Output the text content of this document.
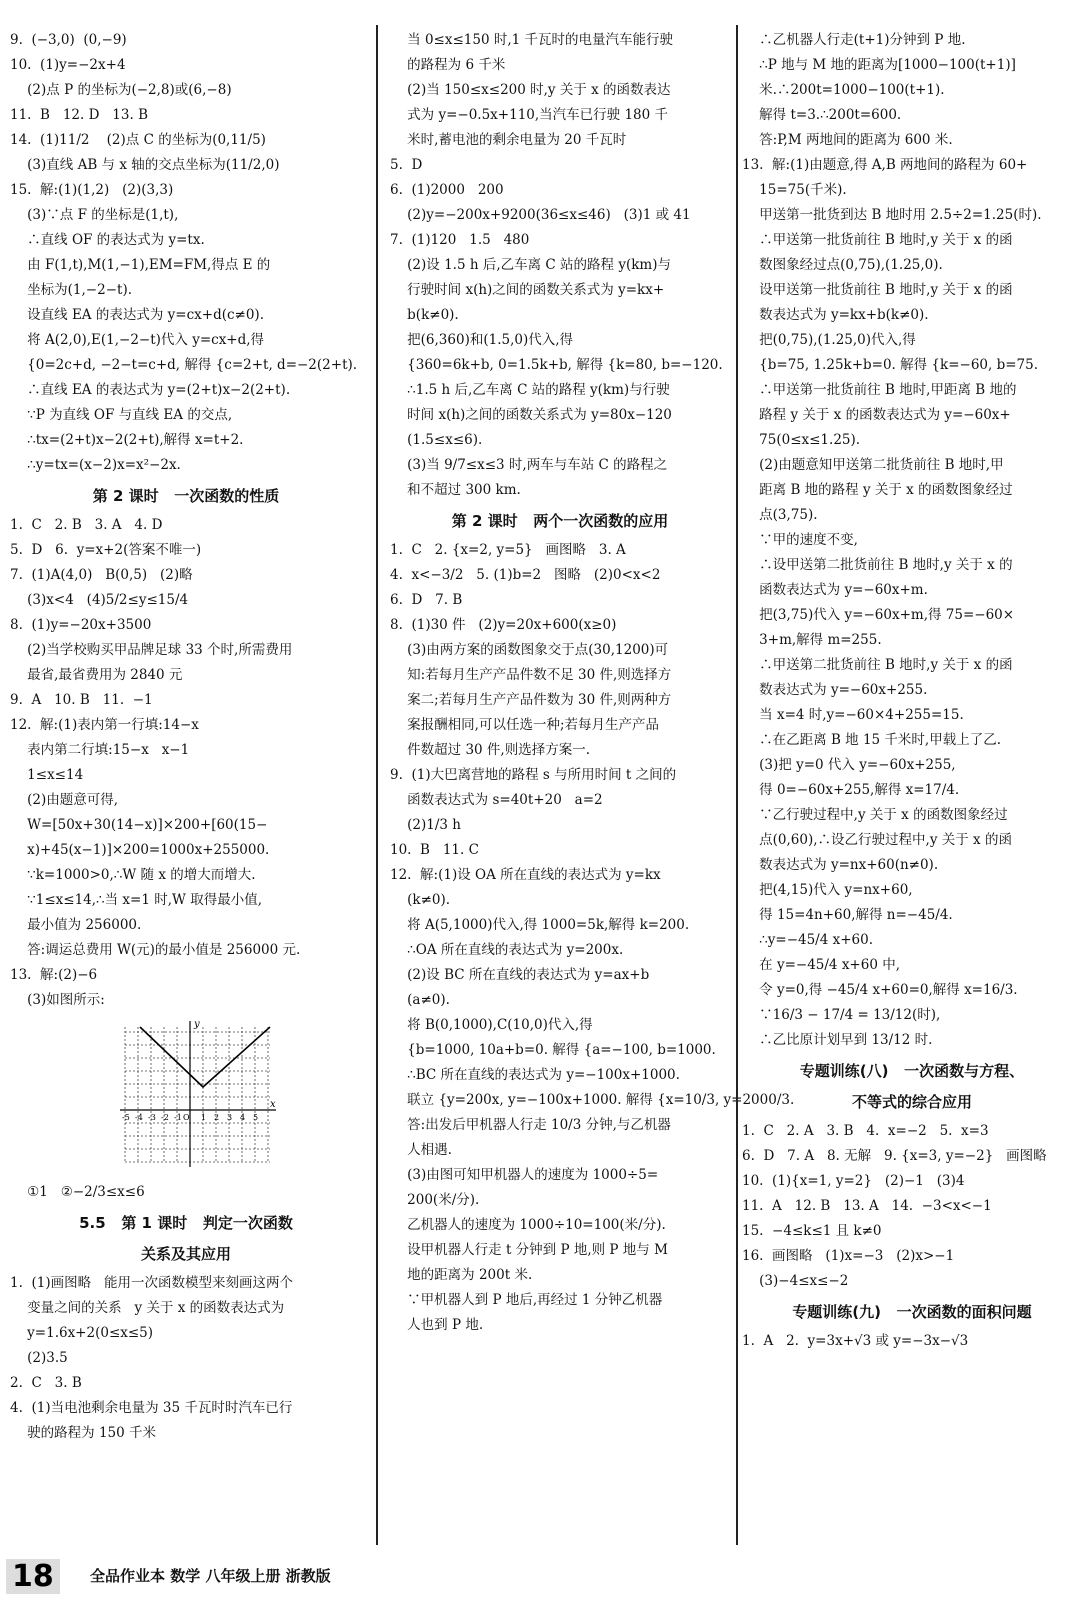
9.  (−3,0)  (0,−9)
10.  (1)y=−2x+4
(2)点 P 的坐标为(−2,8)或(6,−8)
11.  B   12. D   13. B
14.  (1)11/2    (2)点 C 的坐标为(0,11/5)
(3)直线 AB 与 x 轴的交点坐标为(11/2,0)
15.  解:(1)(1,2)   (2)(3,3)
(3)∵点 F 的坐标是(1,t),
∴直线 OF 的表达式为 y=tx.
由 F(1,t),M(1,−1),EM=FM,得点 E 的
坐标为(1,−2−t).
设直线 EA 的表达式为 y=cx+d(c≠0).
将 A(2,0),E(1,−2−t)代入 y=cx+d,得
{0=2c+d, −2−t=c+d, 解得 {c=2+t, d=−2(2+t).
∴直线 EA 的表达式为 y=(2+t)x−2(2+t).
∵P 为直线 OF 与直线 EA 的交点,
∴tx=(2+t)x−2(2+t),解得 x=t+2.
∴y=tx=(x−2)x=x²−2x.
第 2 课时   一次函数的性质
1.  C   2. B   3. A   4. D
5.  D   6.  y=x+2(答案不唯一)
7.  (1)A(4,0)   B(0,5)   (2)略
(3)x<4   (4)5/2≤y≤15/4
8.  (1)y=−20x+3500
(2)当学校购买甲品牌足球 33 个时,所需费用
最省,最省费用为 2840 元
9.  A   10. B   11.  −1
12.  解:(1)表内第一行填:14−x
表内第二行填:15−x   x−1
1≤x≤14
(2)由题意可得,
W=[50x+30(14−x)]×200+[60(15−
x)+45(x−1)]×200=1000x+255000.
∵k=1000>0,∴W 随 x 的增大而增大.
∵1≤x≤14,∴当 x=1 时,W 取得最小值,
最小值为 256000.
答:调运总费用 W(元)的最小值是 256000 元.
13.  解:(2)−6
(3)如图所示:
y
x
-5 -4 -3 -2 -1 O 1 2 3 4 5
①1   ②−2/3≤x≤6
5.5   第 1 课时   判定一次函数
关系及其应用
1.  (1)画图略   能用一次函数模型来刻画这两个
变量之间的关系   y 关于 x 的函数表达式为
y=1.6x+2(0≤x≤5)
(2)3.5
2.  C   3. B
4.  (1)当电池剩余电量为 35 千瓦时时汽车已行
驶的路程为 150 千米
当 0≤x≤150 时,1 千瓦时的电量汽车能行驶
的路程为 6 千米
(2)当 150≤x≤200 时,y 关于 x 的函数表达
式为 y=−0.5x+110,当汽车已行驶 180 千
米时,蓄电池的剩余电量为 20 千瓦时
5.  D
6.  (1)2000   200
(2)y=−200x+9200(36≤x≤46)   (3)1 或 41
7.  (1)120   1.5   480
(2)设 1.5 h 后,乙车离 C 站的路程 y(km)与
行驶时间 x(h)之间的函数关系式为 y=kx+
b(k≠0).
把(6,360)和(1.5,0)代入,得
{360=6k+b, 0=1.5k+b, 解得 {k=80, b=−120.
∴1.5 h 后,乙车离 C 站的路程 y(km)与行驶
时间 x(h)之间的函数关系式为 y=80x−120
(1.5≤x≤6).
(3)当 9/7≤x≤3 时,两车与车站 C 的路程之
和不超过 300 km.
第 2 课时   两个一次函数的应用
1.  C   2. {x=2, y=5}   画图略   3. A
4.  x<−3/2   5. (1)b=2   图略   (2)0<x<2
6.  D   7. B
8.  (1)30 件   (2)y=20x+600(x≥0)
(3)由两方案的函数图象交于点(30,1200)可
知:若每月生产产品件数不足 30 件,则选择方
案二;若每月生产产品件数为 30 件,则两种方
案报酬相同,可以任选一种;若每月生产产品
件数超过 30 件,则选择方案一.
9.  (1)大巴离营地的路程 s 与所用时间 t 之间的
函数表达式为 s=40t+20   a=2
(2)1/3 h
10.  B   11. C
12.  解:(1)设 OA 所在直线的表达式为 y=kx
(k≠0).
将 A(5,1000)代入,得 1000=5k,解得 k=200.
∴OA 所在直线的表达式为 y=200x.
(2)设 BC 所在直线的表达式为 y=ax+b
(a≠0).
将 B(0,1000),C(10,0)代入,得
{b=1000, 10a+b=0. 解得 {a=−100, b=1000.
∴BC 所在直线的表达式为 y=−100x+1000.
联立 {y=200x, y=−100x+1000. 解得 {x=10/3, y=2000/3.
答:出发后甲机器人行走 10/3 分钟,与乙机器
人相遇.
(3)由图可知甲机器人的速度为 1000÷5=
200(米/分).
乙机器人的速度为 1000÷10=100(米/分).
设甲机器人行走 t 分钟到 P 地,则 P 地与 M
地的距离为 200t 米.
∵甲机器人到 P 地后,再经过 1 分钟乙机器
人也到 P 地.
∴乙机器人行走(t+1)分钟到 P 地.
∴P 地与 M 地的距离为[1000−100(t+1)]
米.∴200t=1000−100(t+1).
解得 t=3.∴200t=600.
答:P,M 两地间的距离为 600 米.
13.  解:(1)由题意,得 A,B 两地间的路程为 60+
15=75(千米).
甲送第一批货到达 B 地时用 2.5÷2=1.25(时).
∴甲送第一批货前往 B 地时,y 关于 x 的函
数图象经过点(0,75),(1.25,0).
设甲送第一批货前往 B 地时,y 关于 x 的函
数表达式为 y=kx+b(k≠0).
把(0,75),(1.25,0)代入,得
{b=75, 1.25k+b=0. 解得 {k=−60, b=75.
∴甲送第一批货前往 B 地时,甲距离 B 地的
路程 y 关于 x 的函数表达式为 y=−60x+
75(0≤x≤1.25).
(2)由题意知甲送第二批货前往 B 地时,甲
距离 B 地的路程 y 关于 x 的函数图象经过
点(3,75).
∵甲的速度不变,
∴设甲送第二批货前往 B 地时,y 关于 x 的
函数表达式为 y=−60x+m.
把(3,75)代入 y=−60x+m,得 75=−60×
3+m,解得 m=255.
∴甲送第二批货前往 B 地时,y 关于 x 的函
数表达式为 y=−60x+255.
当 x=4 时,y=−60×4+255=15.
∴在乙距离 B 地 15 千米时,甲载上了乙.
(3)把 y=0 代入 y=−60x+255,
得 0=−60x+255,解得 x=17/4.
∵乙行驶过程中,y 关于 x 的函数图象经过
点(0,60),∴设乙行驶过程中,y 关于 x 的函
数表达式为 y=nx+60(n≠0).
把(4,15)代入 y=nx+60,
得 15=4n+60,解得 n=−45/4.
∴y=−45/4 x+60.
在 y=−45/4 x+60 中,
令 y=0,得 −45/4 x+60=0,解得 x=16/3.
∵16/3 − 17/4 = 13/12(时),
∴乙比原计划早到 13/12 时.
专题训练(八)   一次函数与方程、
不等式的综合应用
1.  C   2. A   3. B   4.  x=−2   5.  x=3
6.  D   7. A   8. 无解   9. {x=3, y=−2}   画图略
10.  (1){x=1, y=2}   (2)−1   (3)4
11.  A   12. B   13. A   14.  −3<x<−1
15.  −4≤k≤1 且 k≠0
16.  画图略   (1)x=−3   (2)x>−1
(3)−4≤x≤−2
专题训练(九)   一次函数的面积问题
1.  A   2.  y=3x+√3 或 y=−3x−√3
18	全品作业本 数学 八年级上册 浙教版
